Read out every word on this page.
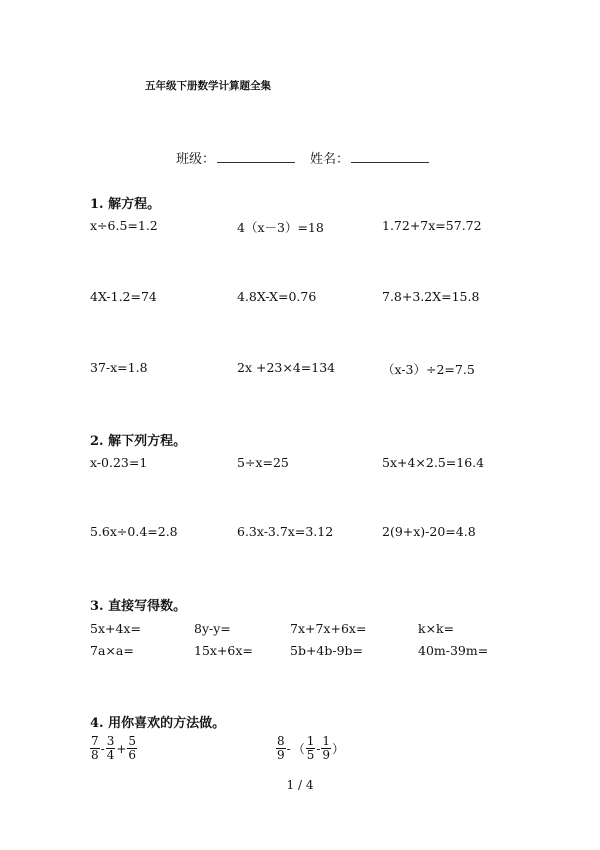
五年级下册数学计算题全集
班级：	姓名：
1. 解方程。
x÷6.5=1.2	4（x－3）=18	1.72+7x=57.72
4X-1.2=74	4.8X-X=0.76	7.8+3.2X=15.8
37-x=1.8	2x +23×4=134	（x-3）÷2=7.5
2. 解下列方程。
x-0.23=1	5÷x=25	5x+4×2.5=16.4
5.6x÷0.4=2.8	6.3x-3.7x=3.12	2(9+x)-20=4.8
3. 直接写得数。
5x+4x=	8y-y=	7x+7x+6x=	k×k=
7a×a=	15x+6x=	5b+4b-9b=	40m-39m=
4. 用你喜欢的方法做。
$\frac{7}{8} - \frac{3}{4} + \frac{5}{6}$	$\frac{8}{9}$ - （ $\frac{1}{5} - \frac{1}{9}$ ）
1 / 4
